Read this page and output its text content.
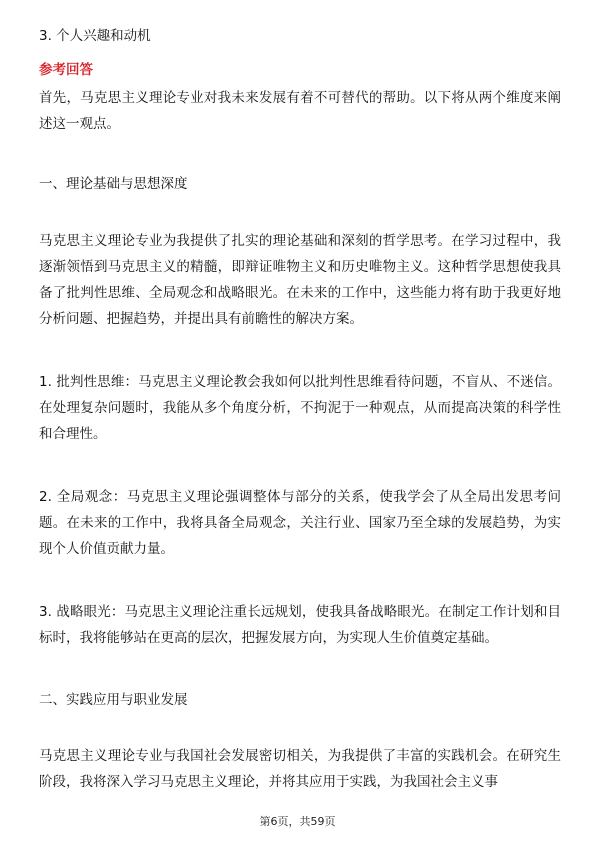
3. 个人兴趣和动机
参考回答
首先，马克思主义理论专业对我未来发展有着不可替代的帮助。以下将从两个维度来阐述这一观点。
一、理论基础与思想深度
马克思主义理论专业为我提供了扎实的理论基础和深刻的哲学思考。在学习过程中，我逐渐领悟到马克思主义的精髓，即辩证唯物主义和历史唯物主义。这种哲学思想使我具备了批判性思维、全局观念和战略眼光。在未来的工作中，这些能力将有助于我更好地分析问题、把握趋势，并提出具有前瞻性的解决方案。
1. 批判性思维：马克思主义理论教会我如何以批判性思维看待问题，不盲从、不迷信。在处理复杂问题时，我能从多个角度分析，不拘泥于一种观点，从而提高决策的科学性和合理性。
2. 全局观念：马克思主义理论强调整体与部分的关系，使我学会了从全局出发思考问题。在未来的工作中，我将具备全局观念，关注行业、国家乃至全球的发展趋势，为实现个人价值贡献力量。
3. 战略眼光：马克思主义理论注重长远规划，使我具备战略眼光。在制定工作计划和目标时，我将能够站在更高的层次，把握发展方向，为实现人生价值奠定基础。
二、实践应用与职业发展
马克思主义理论专业与我国社会发展密切相关，为我提供了丰富的实践机会。在研究生阶段，我将深入学习马克思主义理论，并将其应用于实践，为我国社会主义事
第6页，共59页
